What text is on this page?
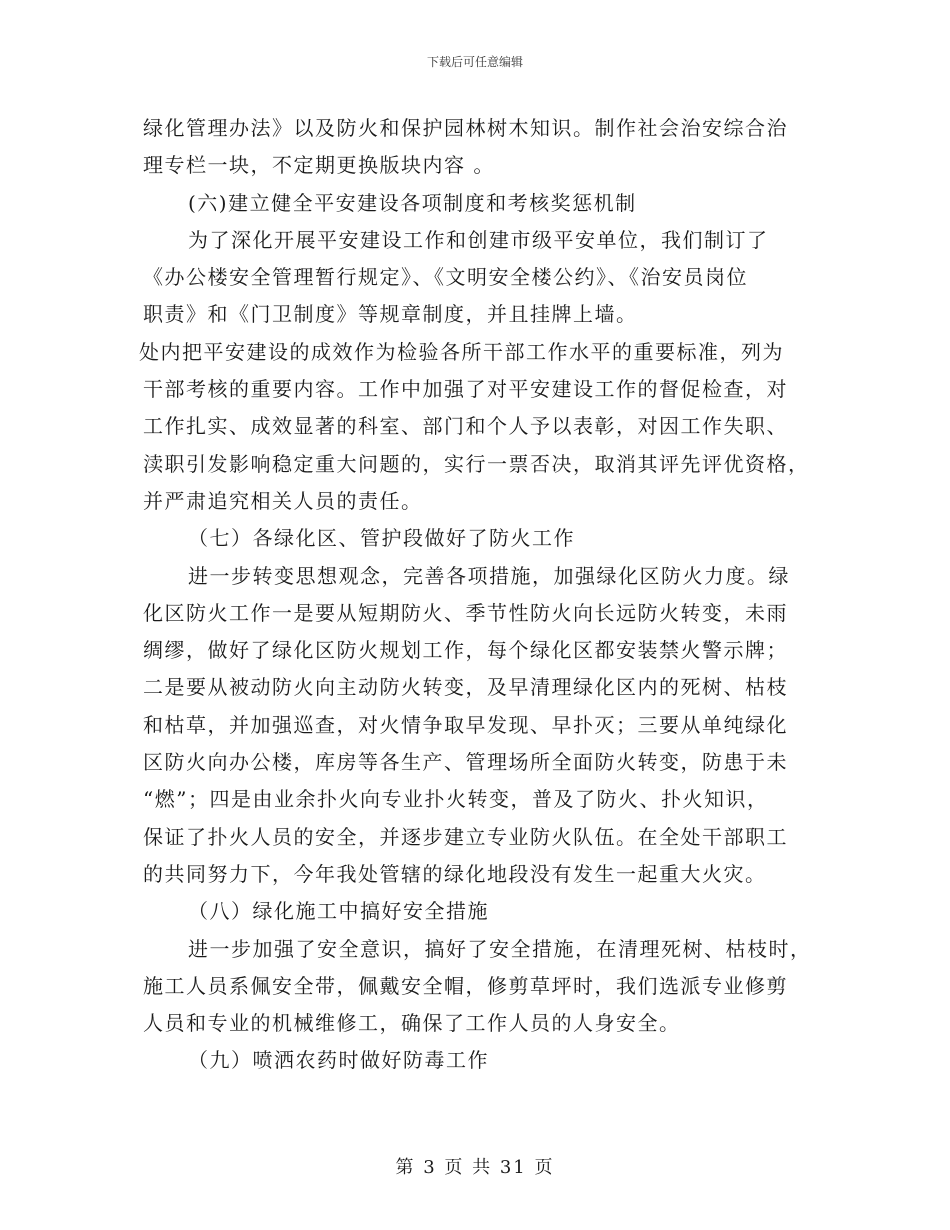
下载后可任意编辑
绿化管理办法》以及防火和保护园林树木知识。制作社会治安综合治
理专栏一块，不定期更换版块内容 。
(六)建立健全平安建设各项制度和考核奖惩机制
为了深化开展平安建设工作和创建市级平安单位，我们制订了
《办公楼安全管理暂行规定》、《文明安全楼公约》、《治安员岗位
职责》和《门卫制度》等规章制度，并且挂牌上墙。
处内把平安建设的成效作为检验各所干部工作水平的重要标准，列为
干部考核的重要内容。工作中加强了对平安建设工作的督促检查，对
工作扎实、成效显著的科室、部门和个人予以表彰，对因工作失职、
渎职引发影响稳定重大问题的，实行一票否决，取消其评先评优资格，
并严肃追究相关人员的责任。
（七）各绿化区、管护段做好了防火工作
进一步转变思想观念，完善各项措施，加强绿化区防火力度。绿
化区防火工作一是要从短期防火、季节性防火向长远防火转变，未雨
绸缪，做好了绿化区防火规划工作，每个绿化区都安装禁火警示牌；
二是要从被动防火向主动防火转变，及早清理绿化区内的死树、枯枝
和枯草，并加强巡查，对火情争取早发现、早扑灭；三要从单纯绿化
区防火向办公楼，库房等各生产、管理场所全面防火转变，防患于未
“燃”；四是由业余扑火向专业扑火转变，普及了防火、扑火知识，
保证了扑火人员的安全，并逐步建立专业防火队伍。在全处干部职工
的共同努力下，今年我处管辖的绿化地段没有发生一起重大火灾。
（八）绿化施工中搞好安全措施
进一步加强了安全意识，搞好了安全措施，在清理死树、枯枝时，
施工人员系佩安全带，佩戴安全帽，修剪草坪时，我们选派专业修剪
人员和专业的机械维修工，确保了工作人员的人身安全。
（九）喷洒农药时做好防毒工作
第 3 页 共 31 页
